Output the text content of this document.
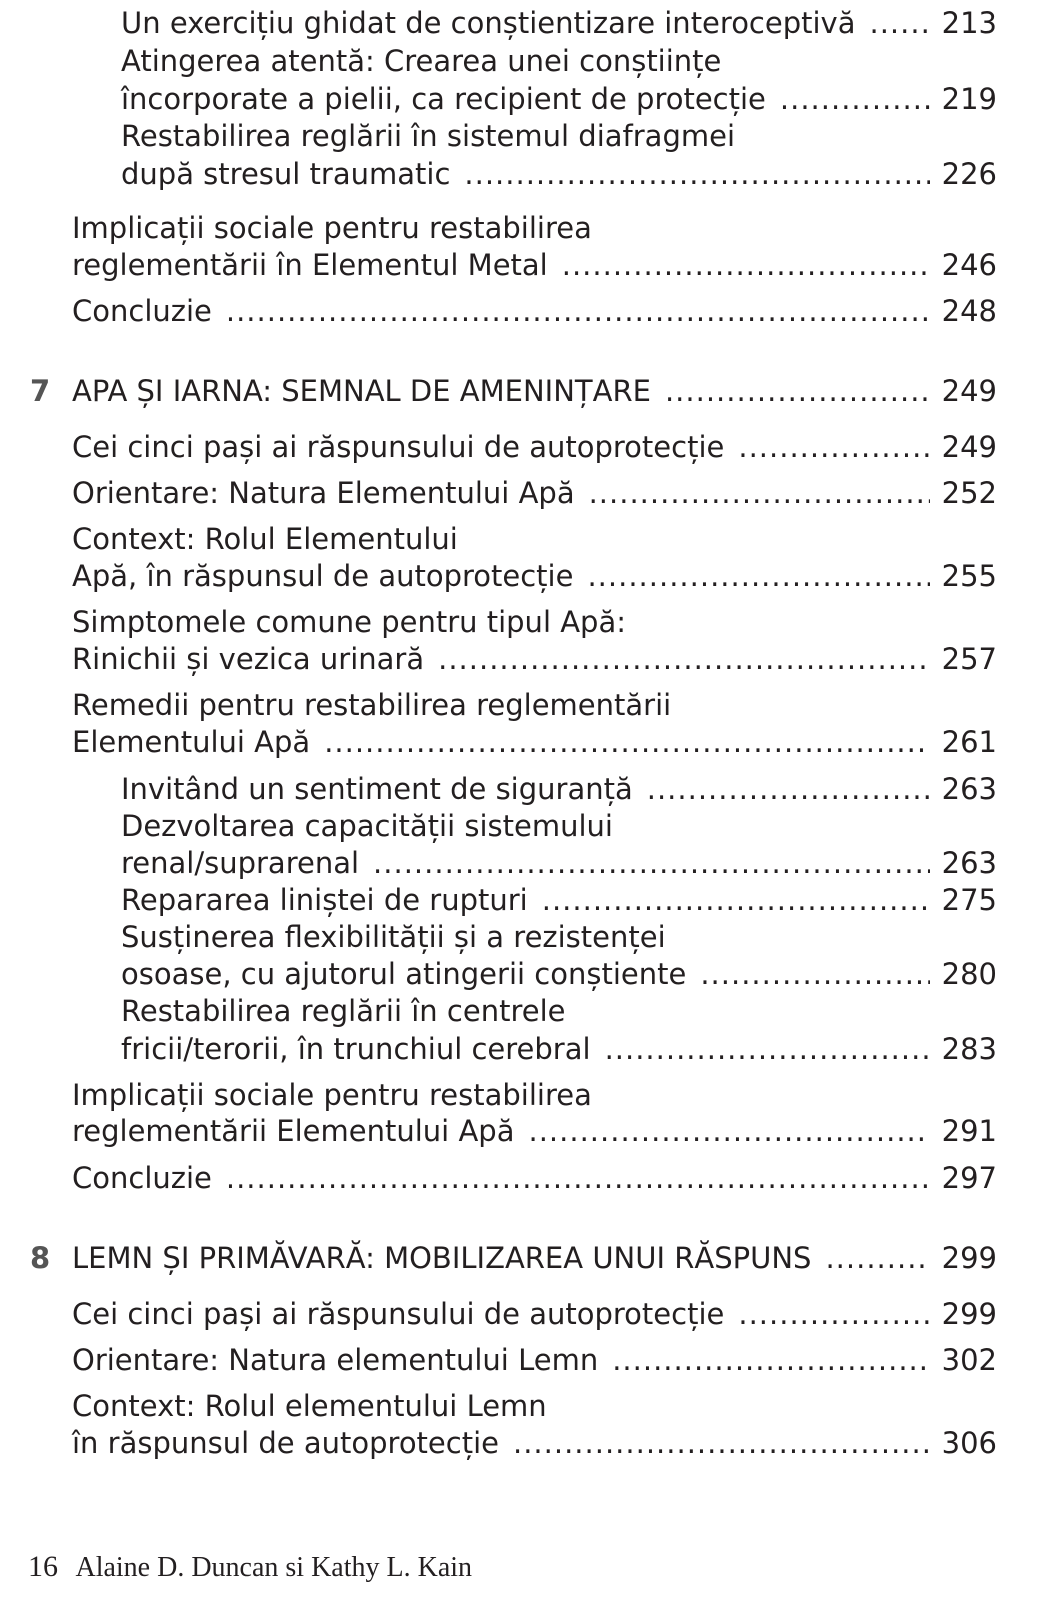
Un exercițiu ghidat de conștientizare interoceptivă .....	213
Atingerea atentă: Crearea unei conștiințe
încorporate a pielii, ca recipient de protecție .....	219
Restabilirea reglării în sistemul diafragmei
după stresul traumatic .....	226
Implicații sociale pentru restabilirea
reglementării în Elementul Metal .....	246
Concluzie .....	248
7 APA ȘI IARNA: SEMNAL DE AMENINȚARE .....	249
Cei cinci pași ai răspunsului de autoprotecție .....	249
Orientare: Natura Elementului Apă .....	252
Context: Rolul Elementului
Apă, în răspunsul de autoprotecție .....	255
Simptomele comune pentru tipul Apă:
Rinichii și vezica urinară .....	257
Remedii pentru restabilirea reglementării
Elementului Apă .....	261
Invitând un sentiment de siguranță .....	263
Dezvoltarea capacității sistemului
renal/suprarenal .....	263
Repararea liniștei de rupturi .....	275
Susținerea flexibilității și a rezistenței
osoase, cu ajutorul atingerii conștiente .....	280
Restabilirea reglării în centrele
fricii/terorii, în trunchiul cerebral .....	283
Implicații sociale pentru restabilirea
reglementării Elementului Apă .....	291
Concluzie .....	297
8 LEMN ȘI PRIMĂVARĂ: MOBILIZAREA UNUI RĂSPUNS .....	299
Cei cinci pași ai răspunsului de autoprotecție .....	299
Orientare: Natura elementului Lemn .....	302
Context: Rolul elementului Lemn
în răspunsul de autoprotecție .....	306
16 Alaine D. Duncan si Kathy L. Kain
